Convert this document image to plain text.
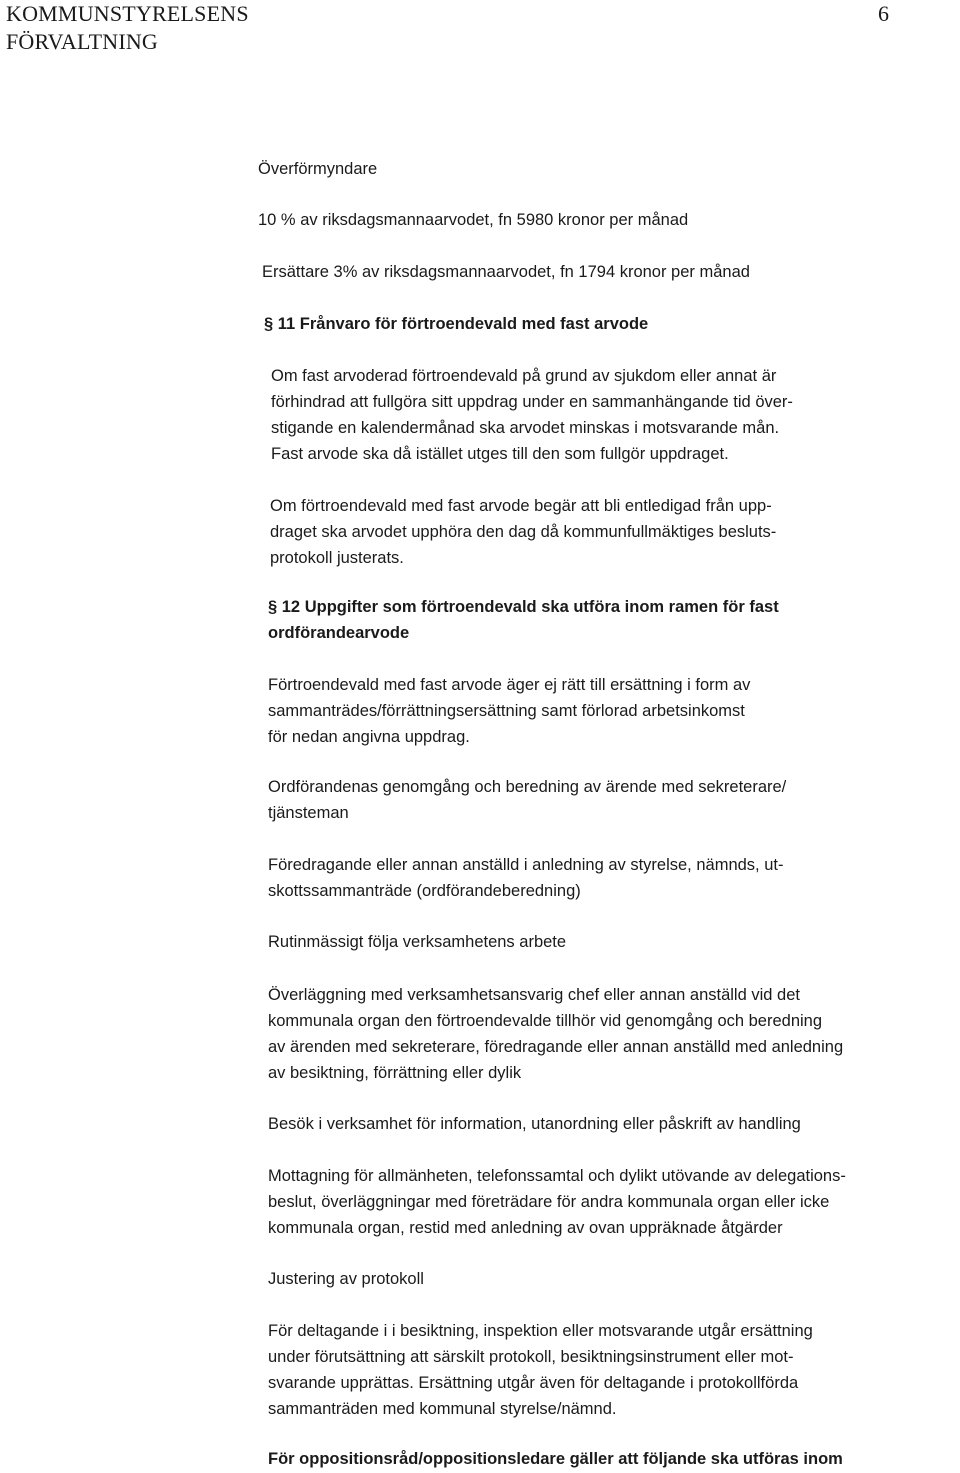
KOMMUNSTYRELSENS
FÖRVALTNING
6
Överförmyndare
10 % av riksdagsmannaarvodet, fn 5980 kronor per månad
Ersättare 3% av riksdagsmannaarvodet, fn 1794 kronor per månad
§ 11 Frånvaro för förtroendevald med fast arvode
Om fast arvoderad förtroendevald på grund av sjukdom eller annat är
förhindrad att fullgöra sitt uppdrag under en sammanhängande tid över-
stigande en kalendermånad ska arvodet minskas i motsvarande mån.
Fast arvode ska då istället utges till den som fullgör uppdraget.
Om förtroendevald med fast arvode begär att bli entledigad från upp-
draget ska arvodet upphöra den dag då kommunfullmäktiges besluts-
protokoll justerats.
§ 12 Uppgifter som förtroendevald ska utföra inom ramen för fast
ordförandearvode
Förtroendevald med fast arvode äger ej rätt till ersättning i form av
sammanträdes/förrättningsersättning samt förlorad arbetsinkomst
för nedan angivna uppdrag.
Ordförandenas genomgång och beredning av ärende med sekreterare/
tjänsteman
Föredragande eller annan anställd i anledning av styrelse, nämnds, ut-
skottssammanträde (ordförandeberedning)
Rutinmässigt följa verksamhetens arbete
Överläggning med verksamhetsansvarig chef eller annan anställd vid det
kommunala organ den förtroendevalde tillhör vid genomgång och beredning
av ärenden med sekreterare, föredragande eller annan anställd med anledning
av besiktning, förrättning eller dylik
Besök i verksamhet för information, utanordning eller påskrift av handling
Mottagning för allmänheten, telefonssamtal och dylikt utövande av delegations-
beslut, överläggningar med företrädare för andra kommunala organ eller icke
kommunala organ, restid med anledning av ovan uppräknade åtgärder
Justering av protokoll
För deltagande i i besiktning, inspektion eller motsvarande utgår ersättning
under förutsättning att särskilt protokoll, besiktningsinstrument eller mot-
svarande upprättas. Ersättning utgår även för deltagande i protokollförda
sammanträden med kommunal styrelse/nämnd.
För oppositionsråd/oppositionsledare gäller att följande ska utföras inom
